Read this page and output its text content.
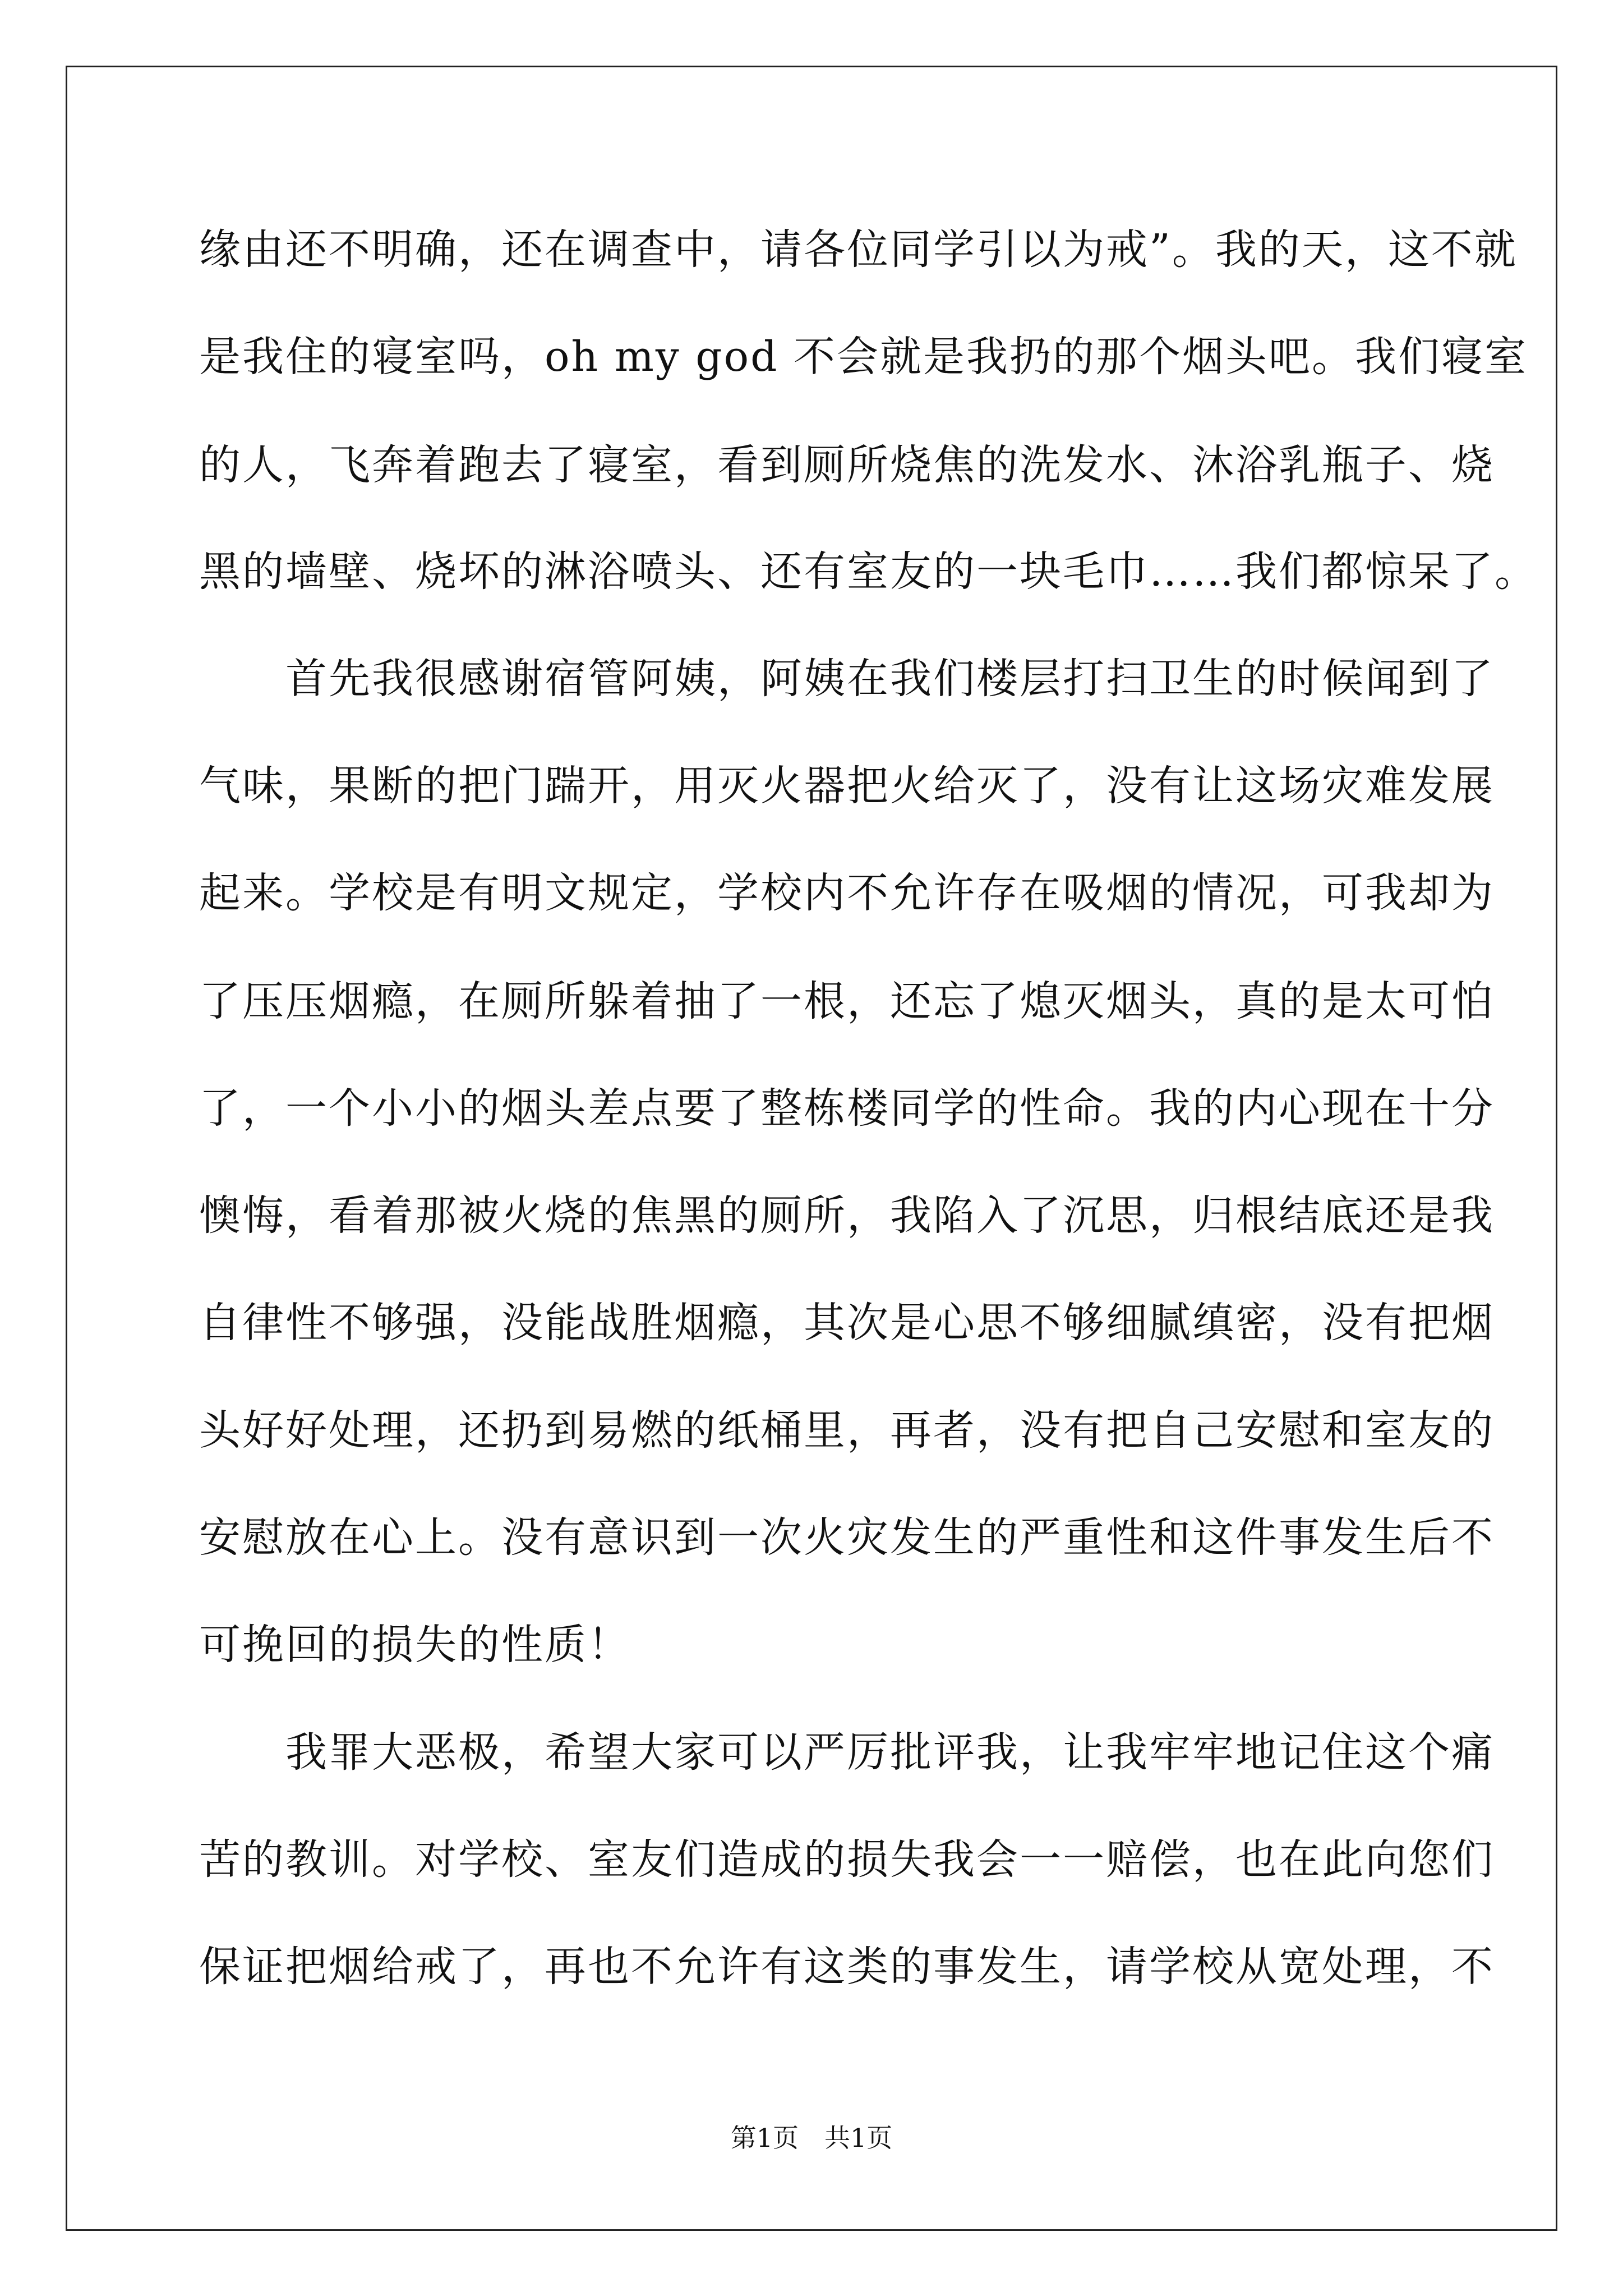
缘由还不明确，还在调查中，请各位同学引以为戒”。我的天，这不就
是我住的寝室吗，oh my god 不会就是我扔的那个烟头吧。我们寝室
的人，飞奔着跑去了寝室，看到厕所烧焦的洗发水、沐浴乳瓶子、烧
黑的墙壁、烧坏的淋浴喷头、还有室友的一块毛巾……我们都惊呆了。
　　首先我很感谢宿管阿姨，阿姨在我们楼层打扫卫生的时候闻到了
气味，果断的把门踹开，用灭火器把火给灭了，没有让这场灾难发展
起来。学校是有明文规定，学校内不允许存在吸烟的情况，可我却为
了压压烟瘾，在厕所躲着抽了一根，还忘了熄灭烟头，真的是太可怕
了，一个小小的烟头差点要了整栋楼同学的性命。我的内心现在十分
懊悔，看着那被火烧的焦黑的厕所，我陷入了沉思，归根结底还是我
自律性不够强，没能战胜烟瘾，其次是心思不够细腻缜密，没有把烟
头好好处理，还扔到易燃的纸桶里，再者，没有把自己安慰和室友的
安慰放在心上。没有意识到一次火灾发生的严重性和这件事发生后不
可挽回的损失的性质！
　　我罪大恶极，希望大家可以严厉批评我，让我牢牢地记住这个痛
苦的教训。对学校、室友们造成的损失我会一一赔偿，也在此向您们
保证把烟给戒了，再也不允许有这类的事发生，请学校从宽处理，不
第1页　共1页
